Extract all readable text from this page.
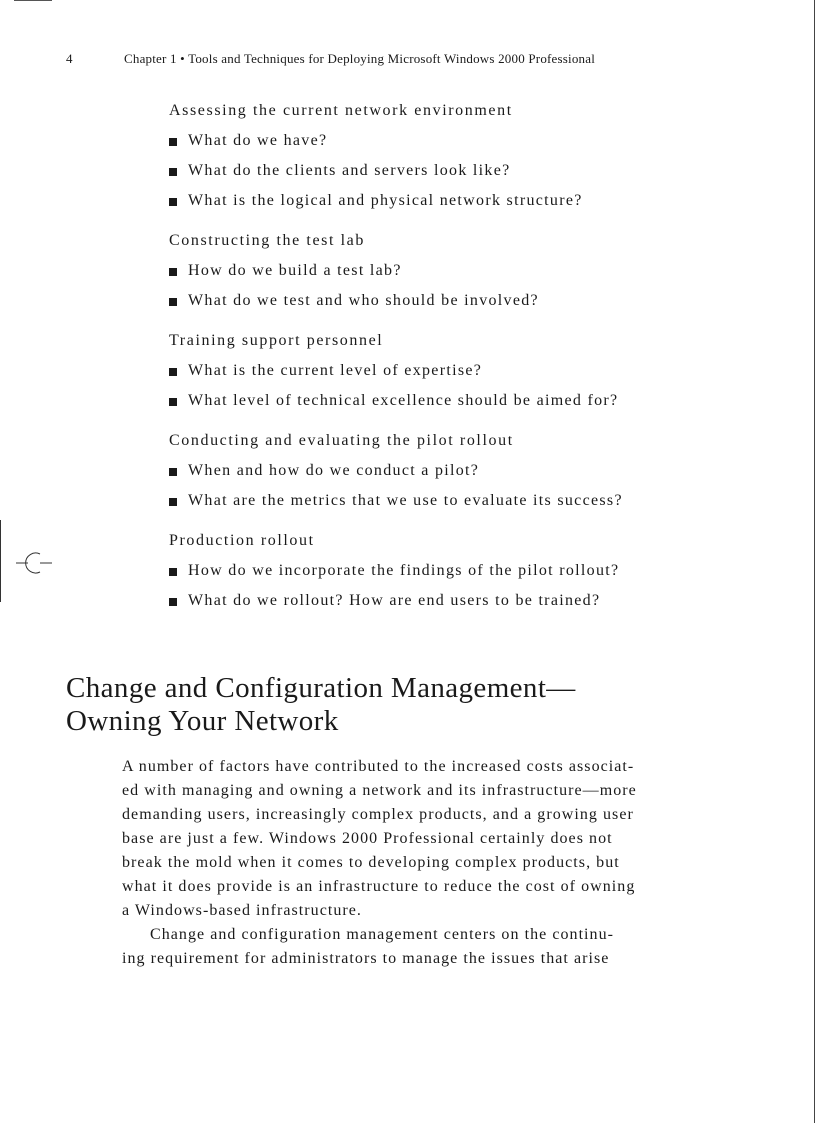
4	Chapter 1 • Tools and Techniques for Deploying Microsoft Windows 2000 Professional
Assessing the current network environment
What do we have?
What do the clients and servers look like?
What is the logical and physical network structure?
Constructing the test lab
How do we build a test lab?
What do we test and who should be involved?
Training support personnel
What is the current level of expertise?
What level of technical excellence should be aimed for?
Conducting and evaluating the pilot rollout
When and how do we conduct a pilot?
What are the metrics that we use to evaluate its success?
Production rollout
How do we incorporate the findings of the pilot rollout?
What do we rollout? How are end users to be trained?
Change and Configuration Management—
Owning Your Network
A number of factors have contributed to the increased costs associat-
ed with managing and owning a network and its infrastructure—more
demanding users, increasingly complex products, and a growing user
base are just a few. Windows 2000 Professional certainly does not
break the mold when it comes to developing complex products, but
what it does provide is an infrastructure to reduce the cost of owning
a Windows-based infrastructure.
Change and configuration management centers on the continu-
ing requirement for administrators to manage the issues that arise
